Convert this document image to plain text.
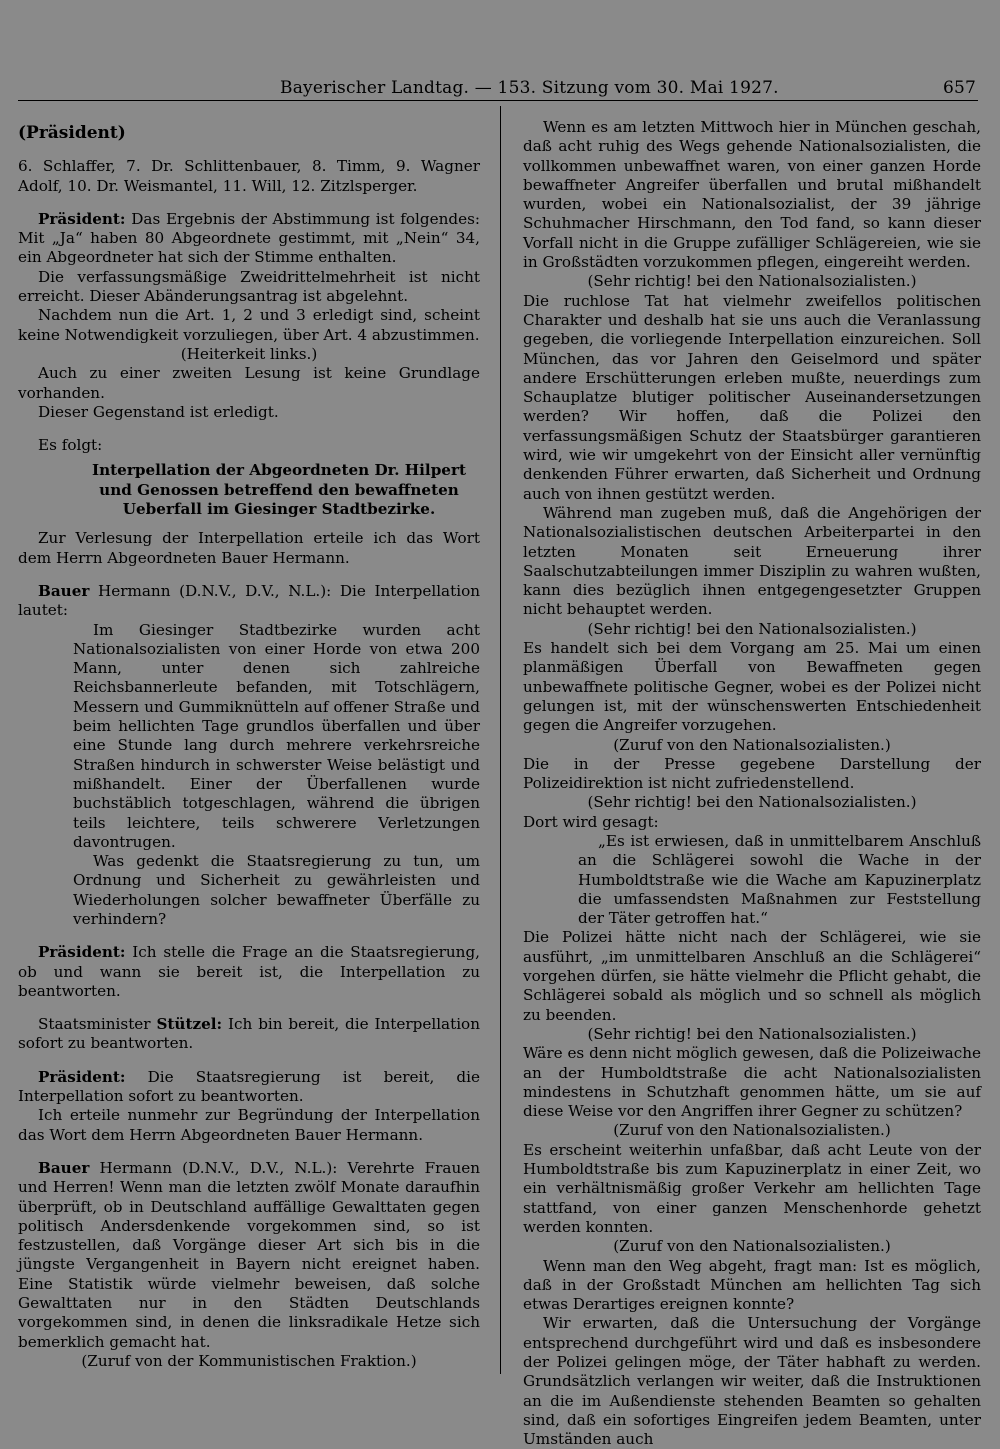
Bayerischer Landtag. — 153. Sitzung vom 30. Mai 1927.	657

(Präsident)

6. Schlaffer, 7. Dr. Schlittenbauer, 8. Timm, 9. Wagner Adolf, 10. Dr. Weismantel, 11. Will, 12. Zitzlsperger.

Präsident: Das Ergebnis der Abstimmung ist folgendes: Mit „Ja“ haben 80 Abgeordnete gestimmt, mit „Nein“ 34, ein Abgeordneter hat sich der Stimme enthalten.

Die verfassungsmäßige Zweidrittelmehrheit ist nicht erreicht. Dieser Abänderungsantrag ist abgelehnt.

Nachdem nun die Art. 1, 2 und 3 erledigt sind, scheint keine Notwendigkeit vorzuliegen, über Art. 4 abzustimmen.

(Heiterkeit links.)

Auch zu einer zweiten Lesung ist keine Grundlage vorhanden.

Dieser Gegenstand ist erledigt.

Es folgt:

Interpellation der Abgeordneten Dr. Hilpert und Genossen betreffend den bewaffneten Ueberfall im Giesinger Stadtbezirke.

Zur Verlesung der Interpellation erteile ich das Wort dem Herrn Abgeordneten Bauer Hermann.

Bauer Hermann (D.N.V., D.V., N.L.): Die Interpellation lautet:

Im Giesinger Stadtbezirke wurden acht Nationalsozialisten von einer Horde von etwa 200 Mann, unter denen sich zahlreiche Reichsbannerleute befanden, mit Totschlägern, Messern und Gummiknütteln auf offener Straße und beim hellichten Tage grundlos überfallen und über eine Stunde lang durch mehrere verkehrsreiche Straßen hindurch in schwerster Weise belästigt und mißhandelt. Einer der Überfallenen wurde buchstäblich totgeschlagen, während die übrigen teils leichtere, teils schwerere Verletzungen davontrugen.

Was gedenkt die Staatsregierung zu tun, um Ordnung und Sicherheit zu gewährleisten und Wiederholungen solcher bewaffneter Überfälle zu verhindern?

Präsident: Ich stelle die Frage an die Staatsregierung, ob und wann sie bereit ist, die Interpellation zu beantworten.

Staatsminister Stützel: Ich bin bereit, die Interpellation sofort zu beantworten.

Präsident: Die Staatsregierung ist bereit, die Interpellation sofort zu beantworten.

Ich erteile nunmehr zur Begründung der Interpellation das Wort dem Herrn Abgeordneten Bauer Hermann.

Bauer Hermann (D.N.V., D.V., N.L.): Verehrte Frauen und Herren! Wenn man die letzten zwölf Monate daraufhin überprüft, ob in Deutschland auffällige Gewalttaten gegen politisch Andersdenkende vorgekommen sind, so ist festzustellen, daß Vorgänge dieser Art sich bis in die jüngste Vergangenheit in Bayern nicht ereignet haben. Eine Statistik würde vielmehr beweisen, daß solche Gewalttaten nur in den Städten Deutschlands vorgekommen sind, in denen die linksradikale Hetze sich bemerklich gemacht hat.

(Zuruf von der Kommunistischen Fraktion.)

Wenn es am letzten Mittwoch hier in München geschah, daß acht ruhig des Wegs gehende Nationalsozialisten, die vollkommen unbewaffnet waren, von einer ganzen Horde bewaffneter Angreifer überfallen und brutal mißhandelt wurden, wobei ein Nationalsozialist, der 39 jährige Schuhmacher Hirschmann, den Tod fand, so kann dieser Vorfall nicht in die Gruppe zufälliger Schlägereien, wie sie in Großstädten vorzukommen pflegen, eingereiht werden.

(Sehr richtig! bei den Nationalsozialisten.)

Die ruchlose Tat hat vielmehr zweifellos politischen Charakter und deshalb hat sie uns auch die Veranlassung gegeben, die vorliegende Interpellation einzureichen. Soll München, das vor Jahren den Geiselmord und später andere Erschütterungen erleben mußte, neuerdings zum Schauplatze blutiger politischer Auseinandersetzungen werden? Wir hoffen, daß die Polizei den verfassungsmäßigen Schutz der Staatsbürger garantieren wird, wie wir umgekehrt von der Einsicht aller vernünftig denkenden Führer erwarten, daß Sicherheit und Ordnung auch von ihnen gestützt werden.

Während man zugeben muß, daß die Angehörigen der Nationalsozialistischen deutschen Arbeiterpartei in den letzten Monaten seit Erneuerung ihrer Saalschutzabteilungen immer Disziplin zu wahren wußten, kann dies bezüglich ihnen entgegengesetzter Gruppen nicht behauptet werden.

(Sehr richtig! bei den Nationalsozialisten.)

Es handelt sich bei dem Vorgang am 25. Mai um einen planmäßigen Überfall von Bewaffneten gegen unbewaffnete politische Gegner, wobei es der Polizei nicht gelungen ist, mit der wünschenswerten Entschiedenheit gegen die Angreifer vorzugehen.

(Zuruf von den Nationalsozialisten.)

Die in der Presse gegebene Darstellung der Polizeidirektion ist nicht zufriedenstellend.

(Sehr richtig! bei den Nationalsozialisten.)

Dort wird gesagt:

„Es ist erwiesen, daß in unmittelbarem Anschluß an die Schlägerei sowohl die Wache in der Humboldtstraße wie die Wache am Kapuzinerplatz die umfassendsten Maßnahmen zur Feststellung der Täter getroffen hat.“

Die Polizei hätte nicht nach der Schlägerei, wie sie ausführt, „im unmittelbaren Anschluß an die Schlägerei“ vorgehen dürfen, sie hätte vielmehr die Pflicht gehabt, die Schlägerei sobald als möglich und so schnell als möglich zu beenden.

(Sehr richtig! bei den Nationalsozialisten.)

Wäre es denn nicht möglich gewesen, daß die Polizeiwache an der Humboldtstraße die acht Nationalsozialisten mindestens in Schutzhaft genommen hätte, um sie auf diese Weise vor den Angriffen ihrer Gegner zu schützen?

(Zuruf von den Nationalsozialisten.)

Es erscheint weiterhin unfaßbar, daß acht Leute von der Humboldtstraße bis zum Kapuzinerplatz in einer Zeit, wo ein verhältnismäßig großer Verkehr am hellichten Tage stattfand, von einer ganzen Menschenhorde gehetzt werden konnten.

(Zuruf von den Nationalsozialisten.)

Wenn man den Weg abgeht, fragt man: Ist es möglich, daß in der Großstadt München am hellichten Tag sich etwas Derartiges ereignen konnte?

Wir erwarten, daß die Untersuchung der Vorgänge entsprechend durchgeführt wird und daß es insbesondere der Polizei gelingen möge, der Täter habhaft zu werden. Grundsätzlich verlangen wir weiter, daß die Instruktionen an die im Außendienste stehenden Beamten so gehalten sind, daß ein sofortiges Eingreifen jedem Beamten, unter Umständen auch
